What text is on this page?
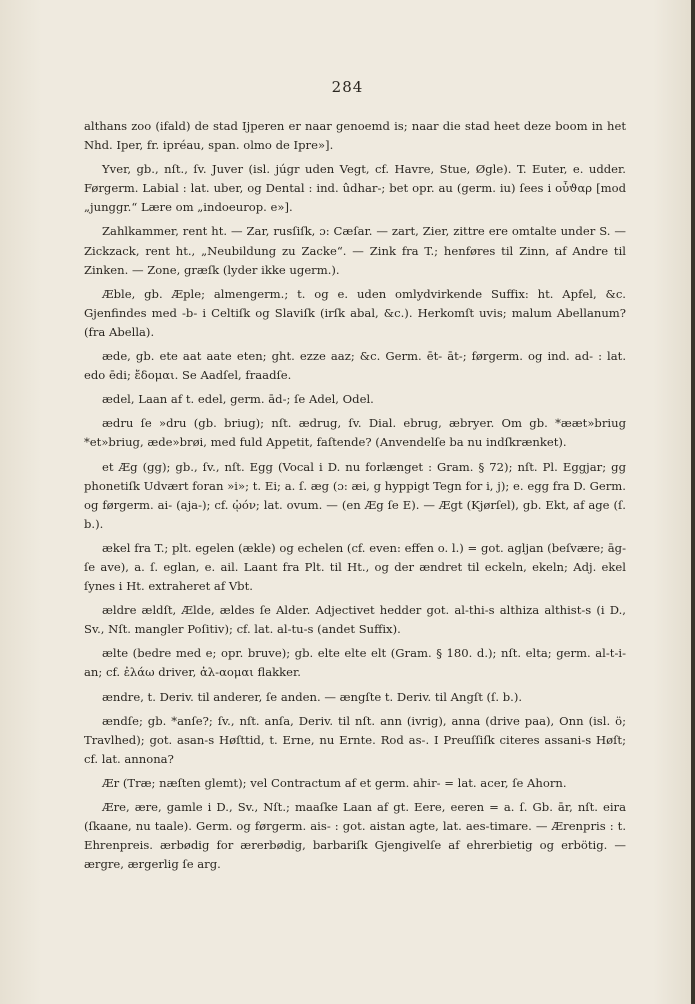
284

althans zoo (ifald) de stad Ijperen er naar genoemd is; naar die stad heet deze boom in het Nhd. Iper, fr. ipréau, span. olmo de Ipre»].

Yver, gb., nſt., ſv. Juver (isl. júgr uden Vegt, cf. Havre, Stue, Øgle). T. Euter, e. udder. Førgerm. Labial : lat. uber, og Dental : ind. ûdhar-; bet opr. au (germ. iu) ſees i οὖϑαρ [mod „junggr.“ Lære om „indoeurop. e»].

Zahlkammer, rent ht. — Zar, rusſiſk, ɔ: Cæſar. — zart, Zier, zittre ere omtalte under S. — Zickzack, rent ht., „Neubildung zu Zacke“. — Zink fra T.; henføres til Zinn, af Andre til Zinken. — Zone, græſk (lyder ikke ugerm.).

Æble, gb. Æple; almengerm.; t. og e. uden omlydvirkende Suffix: ht. Apfel, &c. Gjenfindes med -b- i Celtiſk og Slaviſk (irſk abal, &c.). Herkomſt uvis; malum Abellanum? (fra Abella).

æde, gb. ete aat aate eten; ght. ezze aaz; &c. Germ. ēt- āt-; førgerm. og ind. ad- : lat. edo ēdi; ἔδομαι. Se Aadſel, fraadſe.

ædel, Laan af t. edel, germ. ād-; ſe Adel, Odel.

ædru ſe »dru (gb. briug); nſt. ædrug, ſv. Dial. ebrug, æbryer. Om gb. *ææt»briug *et»briug, æde»brøi, med fuld Appetit, faſtende? (Anvendelſe ba nu indſkrænket).

et Æg (gg); gb., ſv., nſt. Egg (Vocal i D. nu forlænget : Gram. § 72); nſt. Pl. Eggjar; gg phonetiſk Udvært foran »i»; t. Ei; a. ſ. æg (ɔ: æi, g hyppigt Tegn for i, j); e. egg fra D. Germ. og førgerm. ai- (aja-); cf. ᾠόν; lat. ovum. — (en Æg ſe E). — Ægt (Kjørſel), gb. Ekt, af age (ſ. b.).

ækel fra T.; plt. egelen (ækle) og echelen (cf. even: effen o. l.) = got. agljan (beſvære; āg- ſe ave), a. ſ. eglan, e. ail. Laant fra Plt. til Ht., og der ændret til eckeln, ekeln; Adj. ekel ſynes i Ht. extraheret af Vbt.

ældre ældſt, Ælde, ældes ſe Alder. Adjectivet hedder got. al-thi-s althiza althist-s (i D., Sv., Nſt. mangler Poſitiv); cf. lat. al-tu-s (andet Suffix).

ælte (bedre med e; opr. bruve); gb. elte elte elt (Gram. § 180. d.); nſt. elta; germ. al-t-i-an; cf. ἐλάω driver, ἀλ-αομαι flakker.

ændre, t. Deriv. til anderer, ſe anden. — ængſte t. Deriv. til Angſt (ſ. b.).

ændſe; gb. *anſe?; ſv., nſt. anſa, Deriv. til nſt. ann (ivrig), anna (drive paa), Onn (isl. ö; Travlhed); got. asan-s Høſttid, t. Erne, nu Ernte. Rod as-. I Preuſſiſk citeres assani-s Høſt; cf. lat. annona?

Ær (Træ; næſten glemt); vel Contractum af et germ. ahir- = lat. acer, ſe Ahorn.

Ære, ære, gamle i D., Sv., Nſt.; maaſke Laan af gt. Eere, eeren = a. ſ. Gb. ār, nſt. eira (ſkaane, nu taale). Germ. og førgerm. ais- : got. aistan agte, lat. aes-timare. — Ærenpris : t. Ehrenpreis. ærbødig for ærerbødig, barbariſk Gjengivelſe af ehrerbietig og erbötig. — ærgre, ærgerlig ſe arg.
